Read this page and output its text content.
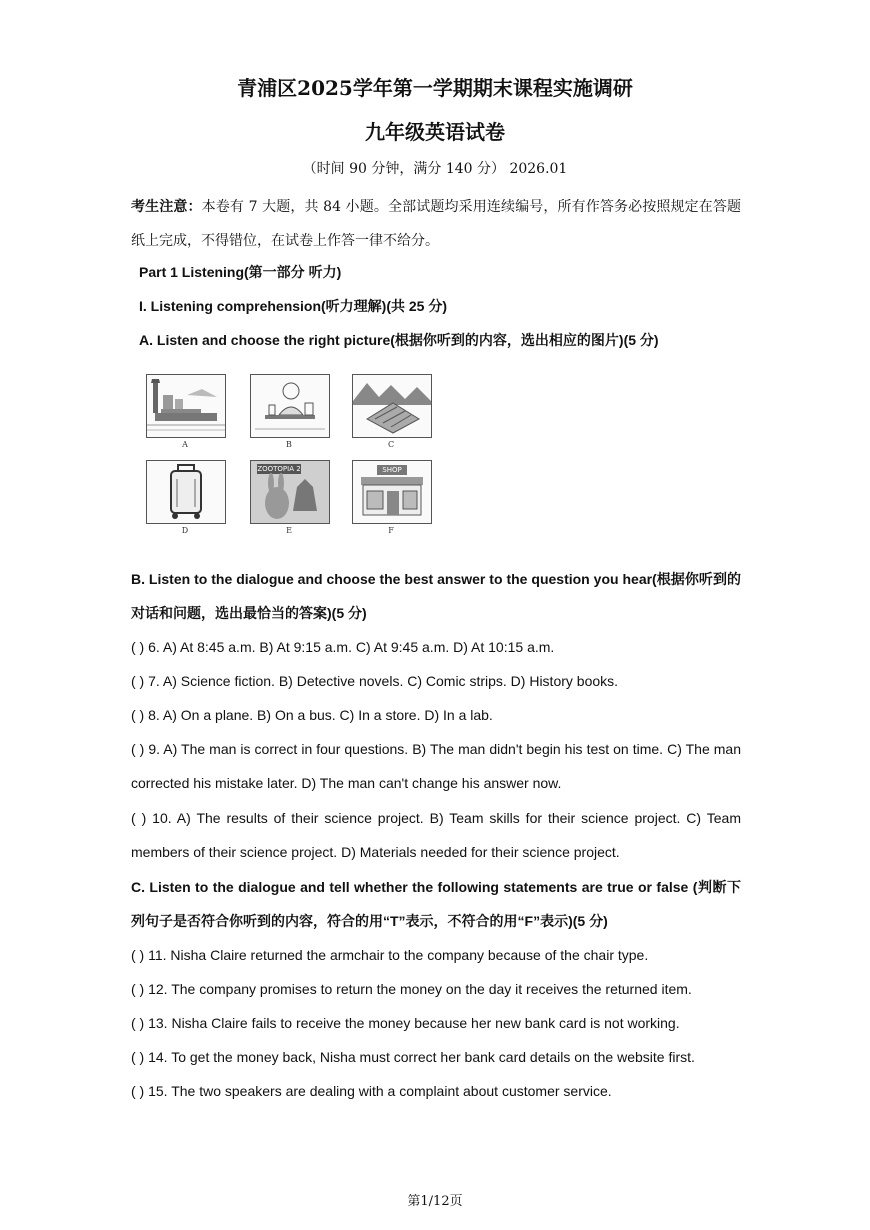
青浦区2025学年第一学期期末课程实施调研
九年级英语试卷
（时间 90 分钟，满分 140 分） 2026.01
考生注意：本卷有 7 大题，共 84 小题。全部试题均采用连续编号，所有作答务必按照规定在答题纸上完成，不得错位，在试卷上作答一律不给分。
Part 1 Listening(第一部分 听力)
I. Listening comprehension(听力理解)(共 25 分)
A. Listen and choose the right picture(根据你听到的内容，选出相应的图片)(5 分)
ZOOTOPIA 2	SHOP
A	B	C
D	E	F
B. Listen to the dialogue and choose the best answer to the question you hear(根据你听到的对话和问题，选出最恰当的答案)(5 分)
( ) 6. A) At 8:45 a.m. B) At 9:15 a.m. C) At 9:45 a.m. D) At 10:15 a.m.
( ) 7. A) Science fiction. B) Detective novels. C) Comic strips. D) History books.
( ) 8. A) On a plane. B) On a bus. C) In a store. D) In a lab.
( ) 9. A) The man is correct in four questions. B) The man didn't begin his test on time. C) The man corrected his mistake later. D) The man can't change his answer now.
( ) 10. A) The results of their science project. B) Team skills for their science project. C) Team members of their science project. D) Materials needed for their science project.
C. Listen to the dialogue and tell whether the following statements are true or false (判断下列句子是否符合你听到的内容，符合的用“T”表示，不符合的用“F”表示)(5 分)
( ) 11. Nisha Claire returned the armchair to the company because of the chair type.
( ) 12. The company promises to return the money on the day it receives the returned item.
( ) 13. Nisha Claire fails to receive the money because her new bank card is not working.
( ) 14. To get the money back, Nisha must correct her bank card details on the website first.
( ) 15. The two speakers are dealing with a complaint about customer service.
第1/12页
